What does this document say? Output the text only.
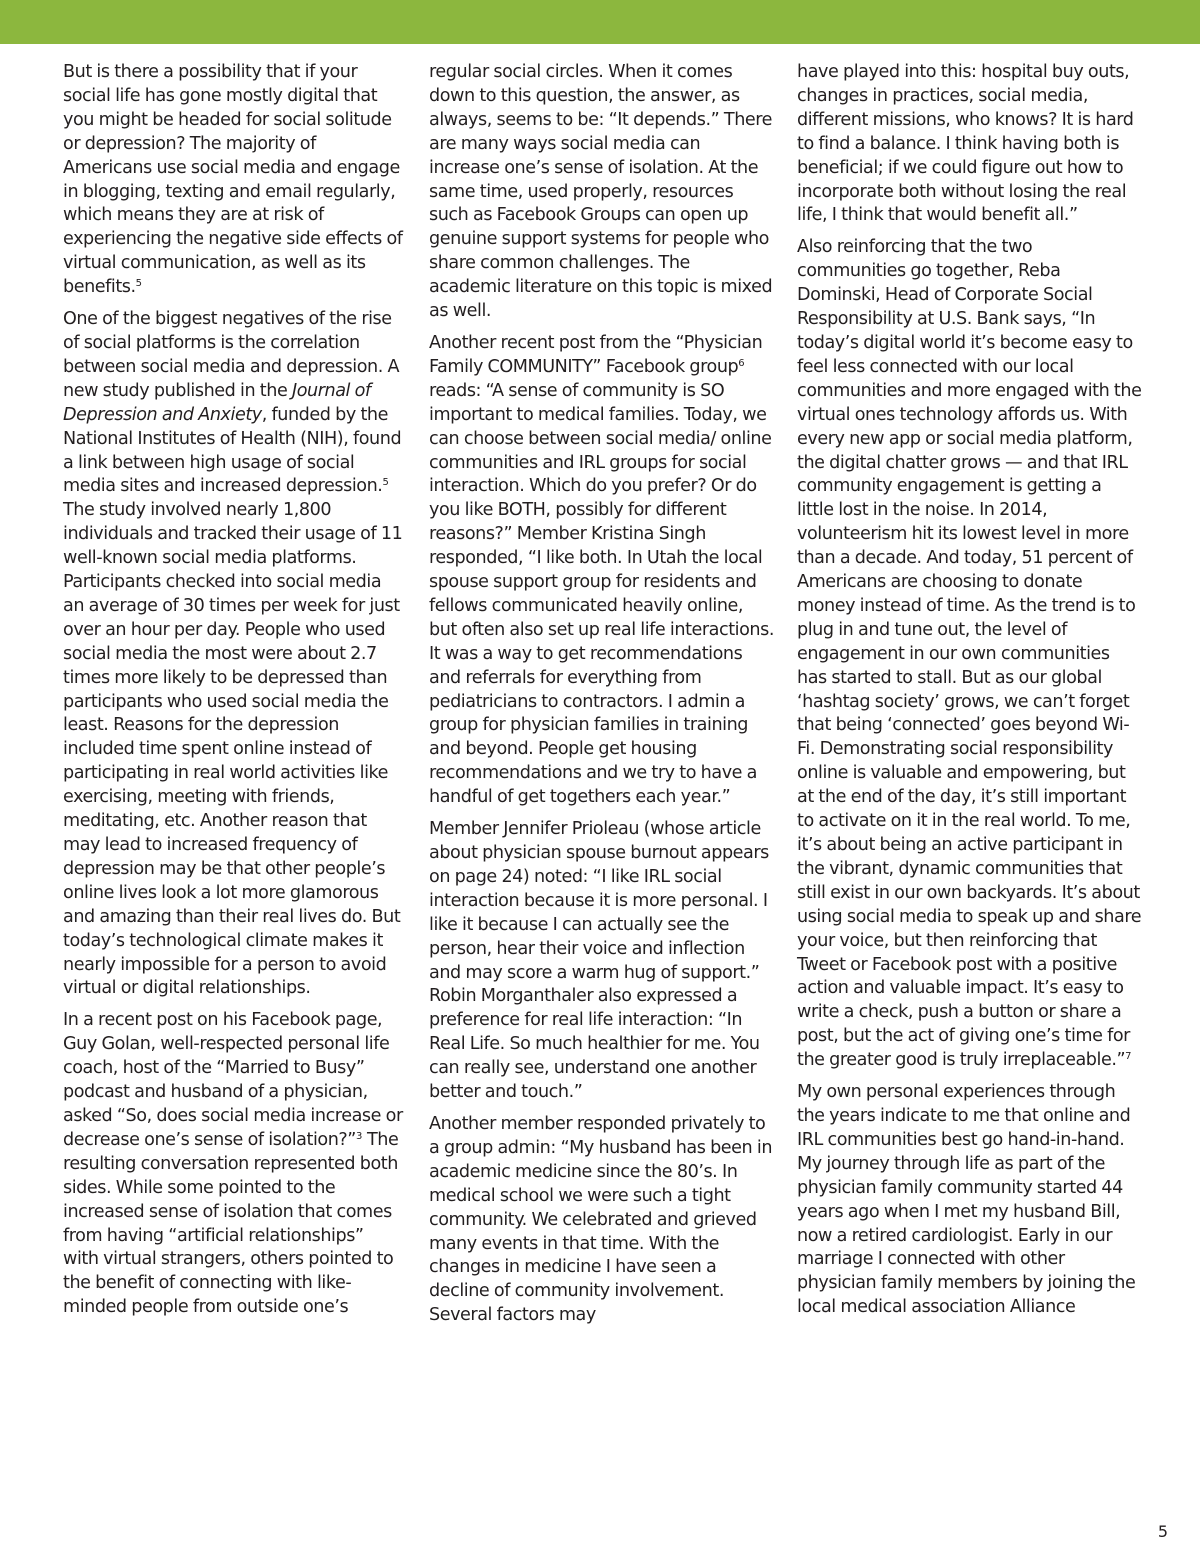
But is there a possibility that if your social life has gone mostly digital that you might be headed for social solitude or depression? The majority of Americans use social media and engage in blogging, texting and email regularly, which means they are at risk of experiencing the negative side effects of virtual communication, as well as its benefits.$^5$

One of the biggest negatives of the rise of social platforms is the correlation between social media and depression. A new study published in the Journal of Depression and Anxiety, funded by the National Institutes of Health (NIH), found a link between high usage of social media sites and increased depression.$^5$ The study involved nearly 1,800 individuals and tracked their usage of 11 well-known social media platforms. Participants checked into social media an average of 30 times per week for just over an hour per day. People who used social media the most were about 2.7 times more likely to be depressed than participants who used social media the least. Reasons for the depression included time spent online instead of participating in real world activities like exercising, meeting with friends, meditating, etc. Another reason that may lead to increased frequency of depression may be that other people’s online lives look a lot more glamorous and amazing than their real lives do. But today’s technological climate makes it nearly impossible for a person to avoid virtual or digital relationships.

In a recent post on his Facebook page, Guy Golan, well-respected personal life coach, host of the “Married to Busy” podcast and husband of a physician, asked “So, does social media increase or decrease one’s sense of isolation?”$^3$ The resulting conversation represented both sides. While some pointed to the increased sense of isolation that comes from having “artificial relationships” with virtual strangers, others pointed to the benefit of connecting with like-minded people from outside one’s

regular social circles. When it comes down to this question, the answer, as always, seems to be: “It depends.” There are many ways social media can increase one’s sense of isolation. At the same time, used properly, resources such as Facebook Groups can open up genuine support systems for people who share common challenges. The academic literature on this topic is mixed as well.

Another recent post from the “Physician Family COMMUNITY” Facebook group$^6$ reads: “A sense of community is SO important to medical families. Today, we can choose between social media/ online communities and IRL groups for social interaction. Which do you prefer? Or do you like BOTH, possibly for different reasons?” Member Kristina Singh responded, “I like both. In Utah the local spouse support group for residents and fellows communicated heavily online, but often also set up real life interactions. It was a way to get recommendations and referrals for everything from pediatricians to contractors. I admin a group for physician families in training and beyond. People get housing recommendations and we try to have a handful of get togethers each year.”

Member Jennifer Prioleau (whose article about physician spouse burnout appears on page 24) noted: “I like IRL social interaction because it is more personal. I like it because I can actually see the person, hear their voice and inflection and may score a warm hug of support.” Robin Morganthaler also expressed a preference for real life interaction: “In Real Life. So much healthier for me. You can really see, understand one another better and touch.”

Another member responded privately to a group admin: “My husband has been in academic medicine since the 80’s. In medical school we were such a tight community. We celebrated and grieved many events in that time. With the changes in medicine I have seen a decline of community involvement. Several factors may

have played into this: hospital buy outs, changes in practices, social media, different missions, who knows? It is hard to find a balance. I think having both is beneficial; if we could figure out how to incorporate both without losing the real life, I think that would benefit all.”

Also reinforcing that the two communities go together, Reba Dominski, Head of Corporate Social Responsibility at U.S. Bank says, “In today’s digital world it’s become easy to feel less connected with our local communities and more engaged with the virtual ones technology affords us. With every new app or social media platform, the digital chatter grows — and that IRL community engagement is getting a little lost in the noise. In 2014, volunteerism hit its lowest level in more than a decade. And today, 51 percent of Americans are choosing to donate money instead of time. As the trend is to plug in and tune out, the level of engagement in our own communities has started to stall. But as our global ‘hashtag society’ grows, we can’t forget that being ‘connected’ goes beyond Wi-Fi. Demonstrating social responsibility online is valuable and empowering, but at the end of the day, it’s still important to activate on it in the real world. To me, it’s about being an active participant in the vibrant, dynamic communities that still exist in our own backyards. It’s about using social media to speak up and share your voice, but then reinforcing that Tweet or Facebook post with a positive action and valuable impact. It’s easy to write a check, push a button or share a post, but the act of giving one’s time for the greater good is truly irreplaceable.”$^7$

My own personal experiences through the years indicate to me that online and IRL communities best go hand-in-hand. My journey through life as part of the physician family community started 44 years ago when I met my husband Bill, now a retired cardiologist. Early in our marriage I connected with other physician family members by joining the local medical association Alliance

5
